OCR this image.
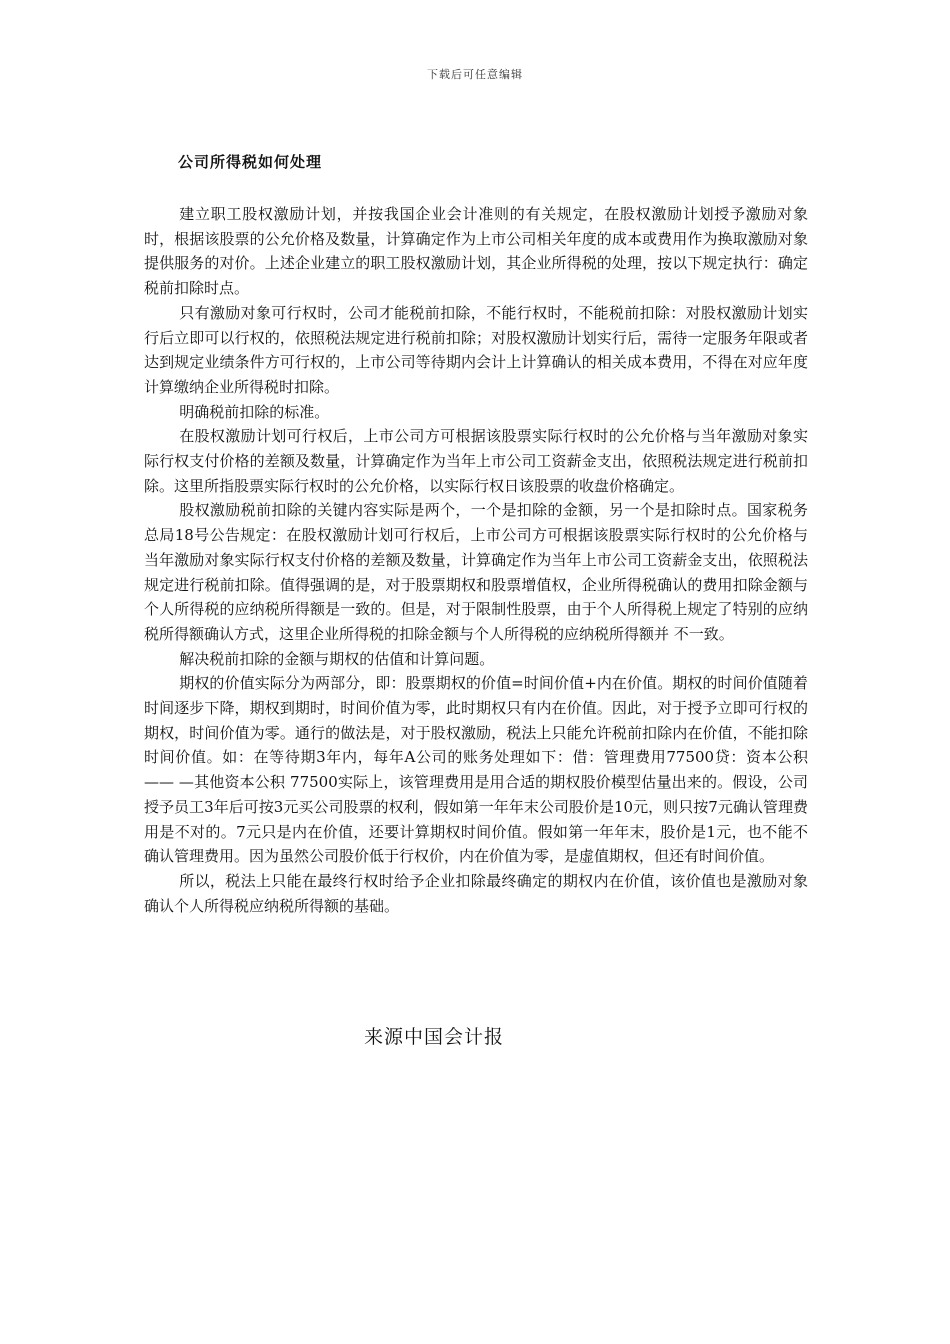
下载后可任意编辑
公司所得税如何处理

建立职工股权激励计划，并按我国企业会计准则的有关规定，在股权激励计划授予激励对象时，根据该股票的公允价格及数量，计算确定作为上市公司相关年度的成本或费用作为换取激励对象提供服务的对价。上述企业建立的职工股权激励计划，其企业所得税的处理，按以下规定执行：确定税前扣除时点。

只有激励对象可行权时，公司才能税前扣除，不能行权时，不能税前扣除：对股权激励计划实行后立即可以行权的，依照税法规定进行税前扣除；对股权激励计划实行后，需待一定服务年限或者达到规定业绩条件方可行权的，上市公司等待期内会计上计算确认的相关成本费用，不得在对应年度计算缴纳企业所得税时扣除。

明确税前扣除的标准。

在股权激励计划可行权后，上市公司方可根据该股票实际行权时的公允价格与当年激励对象实际行权支付价格的差额及数量，计算确定作为当年上市公司工资薪金支出，依照税法规定进行税前扣除。这里所指股票实际行权时的公允价格，以实际行权日该股票的收盘价格确定。

股权激励税前扣除的关键内容实际是两个，一个是扣除的金额，另一个是扣除时点。国家税务总局18号公告规定：在股权激励计划可行权后，上市公司方可根据该股票实际行权时的公允价格与当年激励对象实际行权支付价格的差额及数量，计算确定作为当年上市公司工资薪金支出，依照税法规定进行税前扣除。值得强调的是，对于股票期权和股票增值权，企业所得税确认的费用扣除金额与个人所得税的应纳税所得额是一致的。但是，对于限制性股票，由于个人所得税上规定了特别的应纳税所得额确认方式，这里企业所得税的扣除金额与个人所得税的应纳税所得额并 不一致。

解决税前扣除的金额与期权的估值和计算问题。

期权的价值实际分为两部分，即：股票期权的价值=时间价值+内在价值。期权的时间价值随着时间逐步下降，期权到期时，时间价值为零，此时期权只有内在价值。因此，对于授予立即可行权的期权，时间价值为零。通行的做法是，对于股权激励，税法上只能允许税前扣除内在价值，不能扣除时间价值。如：在等待期3年内，每年A公司的账务处理如下：借：管理费用77500贷：资本公积—— —其他资本公积 77500实际上，该管理费用是用合适的期权股价模型估量出来的。假设，公司授予员工3年后可按3元买公司股票的权利，假如第一年年末公司股价是10元，则只按7元确认管理费用是不对的。7元只是内在价值，还要计算期权时间价值。假如第一年年末，股价是1元，也不能不确认管理费用。因为虽然公司股价低于行权价，内在价值为零，是虚值期权，但还有时间价值。

所以，税法上只能在最终行权时给予企业扣除最终确定的期权内在价值，该价值也是激励对象确认个人所得税应纳税所得额的基础。

来源中国会计报
